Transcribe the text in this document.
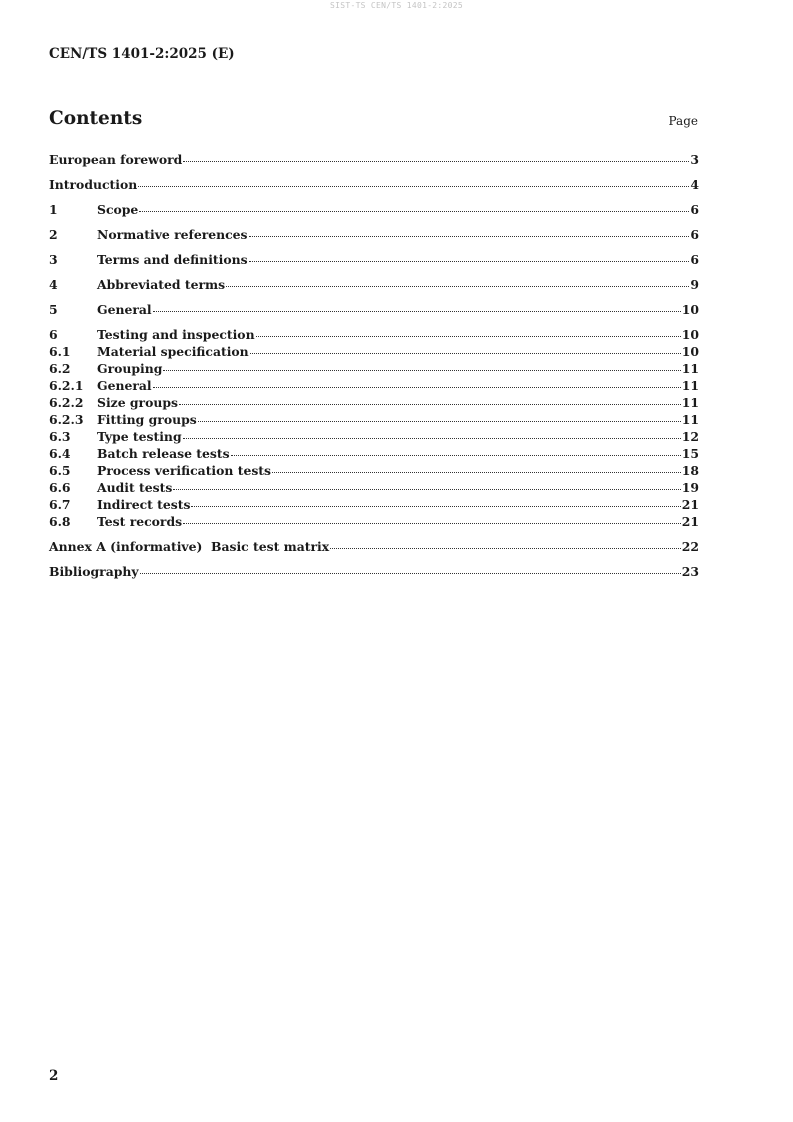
SIST-TS CEN/TS 1401-2:2025
CEN/TS 1401-2:2025 (E)
Contents	Page
European foreword	3
Introduction	4
1	Scope	6
2	Normative references	6
3	Terms and definitions	6
4	Abbreviated terms	9
5	General	10
6	Testing and inspection	10
6.1	Material specification	10
6.2	Grouping	11
6.2.1	General	11
6.2.2	Size groups	11
6.2.3	Fitting groups	11
6.3	Type testing	12
6.4	Batch release tests	15
6.5	Process verification tests	18
6.6	Audit tests	19
6.7	Indirect tests	21
6.8	Test records	21
Annex A (informative)  Basic test matrix	22
Bibliography	23
2
